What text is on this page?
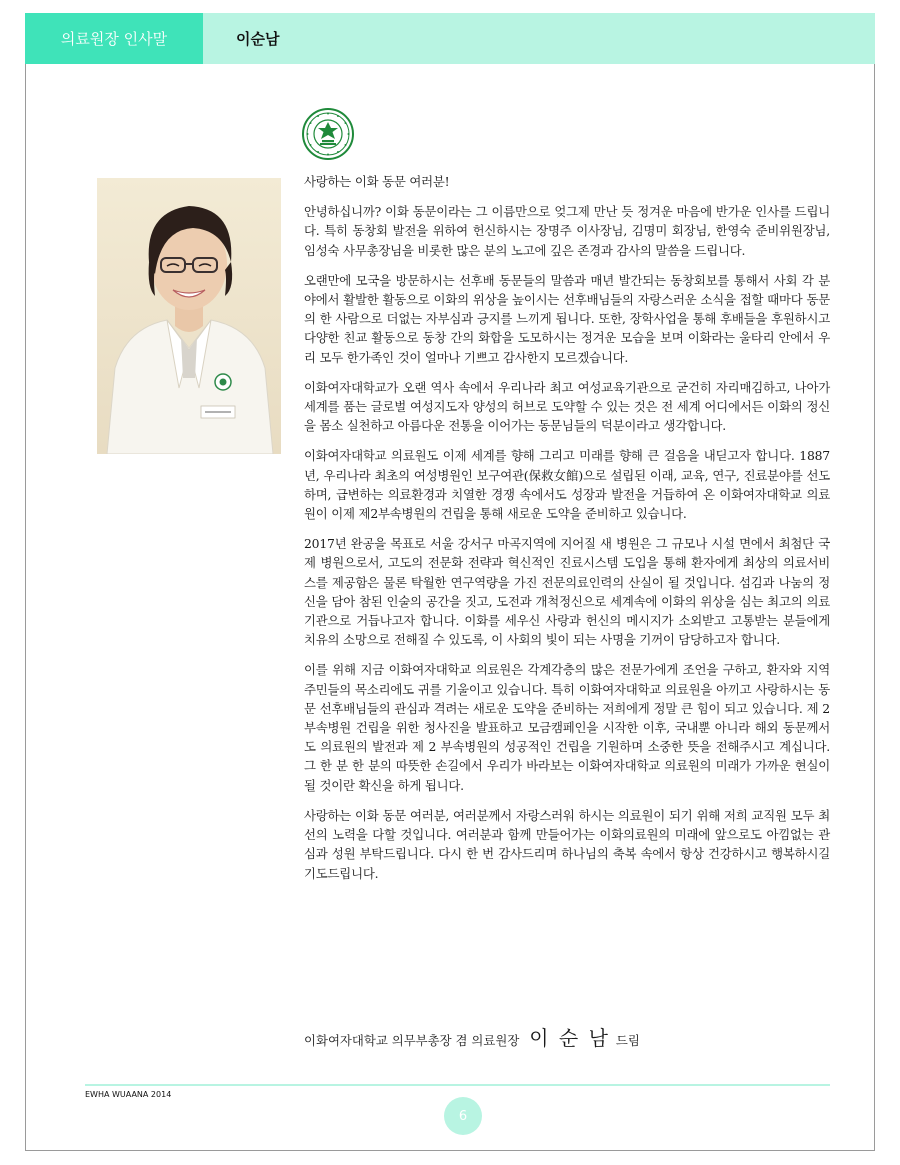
의료원장 인사말	이순남

사랑하는 이화 동문 여러분!

안녕하십니까? 이화 동문이라는 그 이름만으로 엊그제 만난 듯 정겨운 마음에 반가운 인사를 드립니다. 특히 동창회 발전을 위하여 헌신하시는 장명주 이사장님, 김명미 회장님, 한영숙 준비위원장님, 임성숙 사무총장님을 비롯한 많은 분의 노고에 깊은 존경과 감사의 말씀을 드립니다.

오랜만에 모국을 방문하시는 선후배 동문들의 말씀과 매년 발간되는 동창회보를 통해서 사회 각 분야에서 활발한 활동으로 이화의 위상을 높이시는 선후배님들의 자랑스러운 소식을 접할 때마다 동문의 한 사람으로 더없는 자부심과 긍지를 느끼게 됩니다. 또한, 장학사업을 통해 후배들을 후원하시고 다양한 친교 활동으로 동창 간의 화합을 도모하시는 정겨운 모습을 보며 이화라는 울타리 안에서 우리 모두 한가족인 것이 얼마나 기쁘고 감사한지 모르겠습니다.

이화여자대학교가 오랜 역사 속에서 우리나라 최고 여성교육기관으로 굳건히 자리매김하고, 나아가 세계를 품는 글로벌 여성지도자 양성의 허브로 도약할 수 있는 것은 전 세계 어디에서든 이화의 정신을 몸소 실천하고 아름다운 전통을 이어가는 동문님들의 덕분이라고 생각합니다.

이화여자대학교 의료원도 이제 세계를 향해 그리고 미래를 향해 큰 걸음을 내딛고자 합니다. 1887년, 우리나라 최초의 여성병원인 보구여관(保救女館)으로 설립된 이래, 교육, 연구, 진료분야를 선도하며, 급변하는 의료환경과 치열한 경쟁 속에서도 성장과 발전을 거듭하여 온 이화여자대학교 의료원이 이제 제2부속병원의 건립을 통해 새로운 도약을 준비하고 있습니다.

2017년 완공을 목표로 서울 강서구 마곡지역에 지어질 새 병원은 그 규모나 시설 면에서 최첨단 국제 병원으로서, 고도의 전문화 전략과 혁신적인 진료시스템 도입을 통해 환자에게 최상의 의료서비스를 제공함은 물론 탁월한 연구역량을 가진 전문의료인력의 산실이 될 것입니다. 섬김과 나눔의 정신을 담아 참된 인술의 공간을 짓고, 도전과 개척정신으로 세계속에 이화의 위상을 심는 최고의 의료기관으로 거듭나고자 합니다. 이화를 세우신 사랑과 헌신의 메시지가 소외받고 고통받는 분들에게 치유의 소망으로 전해질 수 있도록, 이 사회의 빛이 되는 사명을 기꺼이 담당하고자 합니다.

이를 위해 지금 이화여자대학교 의료원은 각계각층의 많은 전문가에게 조언을 구하고, 환자와 지역 주민들의 목소리에도 귀를 기울이고 있습니다. 특히 이화여자대학교 의료원을 아끼고 사랑하시는 동문 선후배님들의 관심과 격려는 새로운 도약을 준비하는 저희에게 정말 큰 힘이 되고 있습니다. 제 2 부속병원 건립을 위한 청사진을 발표하고 모금캠페인을 시작한 이후, 국내뿐 아니라 해외 동문께서도 의료원의 발전과 제 2 부속병원의 성공적인 건립을 기원하며 소중한 뜻을 전해주시고 계십니다. 그 한 분 한 분의 따뜻한 손길에서 우리가 바라보는 이화여자대학교 의료원의 미래가 가까운 현실이 될 것이란 확신을 하게 됩니다.

사랑하는 이화 동문 여러분, 여러분께서 자랑스러워 하시는 의료원이 되기 위해 저희 교직원 모두 최선의 노력을 다할 것입니다. 여러분과 함께 만들어가는 이화의료원의 미래에 앞으로도 아낌없는 관심과 성원 부탁드립니다. 다시 한 번 감사드리며 하나님의 축복 속에서 항상 건강하시고 행복하시길 기도드립니다.

이화여자대학교 의무부총장 겸 의료원장 이 순 남 드림
EWHA WUAANA 2014
6
